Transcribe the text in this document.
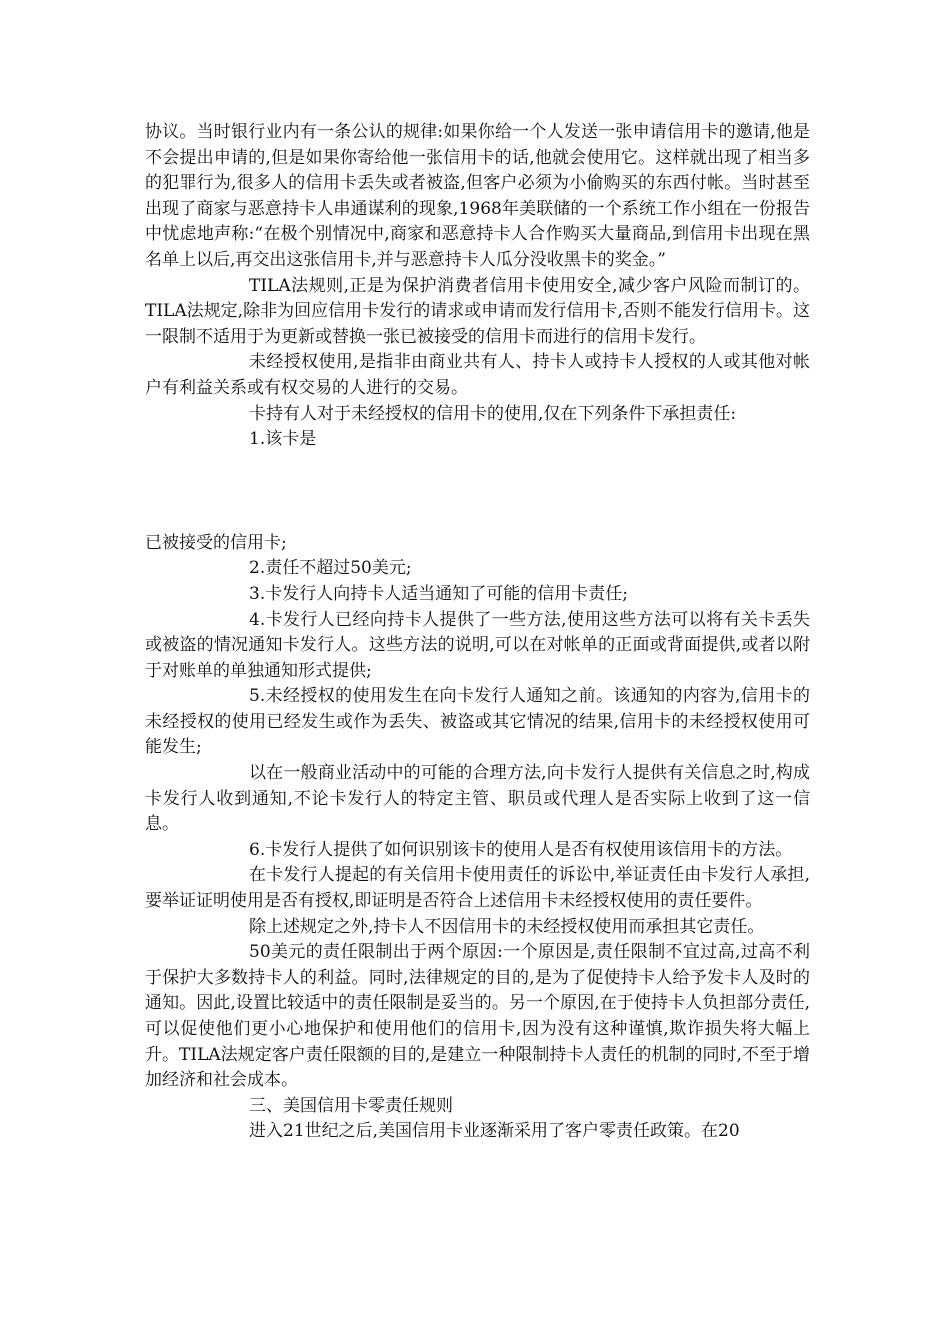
协议。当时银行业内有一条公认的规律:如果你给一个人发送一张申请信用卡的邀请,他是不会提出申请的,但是如果你寄给他一张信用卡的话,他就会使用它。这样就出现了相当多的犯罪行为,很多人的信用卡丢失或者被盗,但客户必须为小偷购买的东西付帐。当时甚至出现了商家与恶意持卡人串通谋利的现象,1968年美联储的一个系统工作小组在一份报告中忧虑地声称:“在极个别情况中,商家和恶意持卡人合作购买大量商品,到信用卡出现在黑名单上以后,再交出这张信用卡,并与恶意持卡人瓜分没收黑卡的奖金。”

TILA法规则,正是为保护消费者信用卡使用安全,减少客户风险而制订的。TILA法规定,除非为回应信用卡发行的请求或申请而发行信用卡,否则不能发行信用卡。这一限制不适用于为更新或替换一张已被接受的信用卡而进行的信用卡发行。

未经授权使用,是指非由商业共有人、持卡人或持卡人授权的人或其他对帐户有利益关系或有权交易的人进行的交易。

卡持有人对于未经授权的信用卡的使用,仅在下列条件下承担责任:

1.该卡是

已被接受的信用卡;

2.责任不超过50美元;

3.卡发行人向持卡人适当通知了可能的信用卡责任;

4.卡发行人已经向持卡人提供了一些方法,使用这些方法可以将有关卡丢失或被盗的情况通知卡发行人。这些方法的说明,可以在对帐单的正面或背面提供,或者以附于对账单的单独通知形式提供;

5.未经授权的使用发生在向卡发行人通知之前。该通知的内容为,信用卡的未经授权的使用已经发生或作为丢失、被盗或其它情况的结果,信用卡的未经授权使用可能发生;

以在一般商业活动中的可能的合理方法,向卡发行人提供有关信息之时,构成卡发行人收到通知,不论卡发行人的特定主管、职员或代理人是否实际上收到了这一信息。

6.卡发行人提供了如何识别该卡的使用人是否有权使用该信用卡的方法。

在卡发行人提起的有关信用卡使用责任的诉讼中,举证责任由卡发行人承担,要举证证明使用是否有授权,即证明是否符合上述信用卡未经授权使用的责任要件。

除上述规定之外,持卡人不因信用卡的未经授权使用而承担其它责任。

50美元的责任限制出于两个原因:一个原因是,责任限制不宜过高,过高不利于保护大多数持卡人的利益。同时,法律规定的目的,是为了促使持卡人给予发卡人及时的通知。因此,设置比较适中的责任限制是妥当的。另一个原因,在于使持卡人负担部分责任,可以促使他们更小心地保护和使用他们的信用卡,因为没有这种谨慎,欺诈损失将大幅上升。TILA法规定客户责任限额的目的,是建立一种限制持卡人责任的机制的同时,不至于增加经济和社会成本。

三、美国信用卡零责任规则

进入21世纪之后,美国信用卡业逐渐采用了客户零责任政策。在20
